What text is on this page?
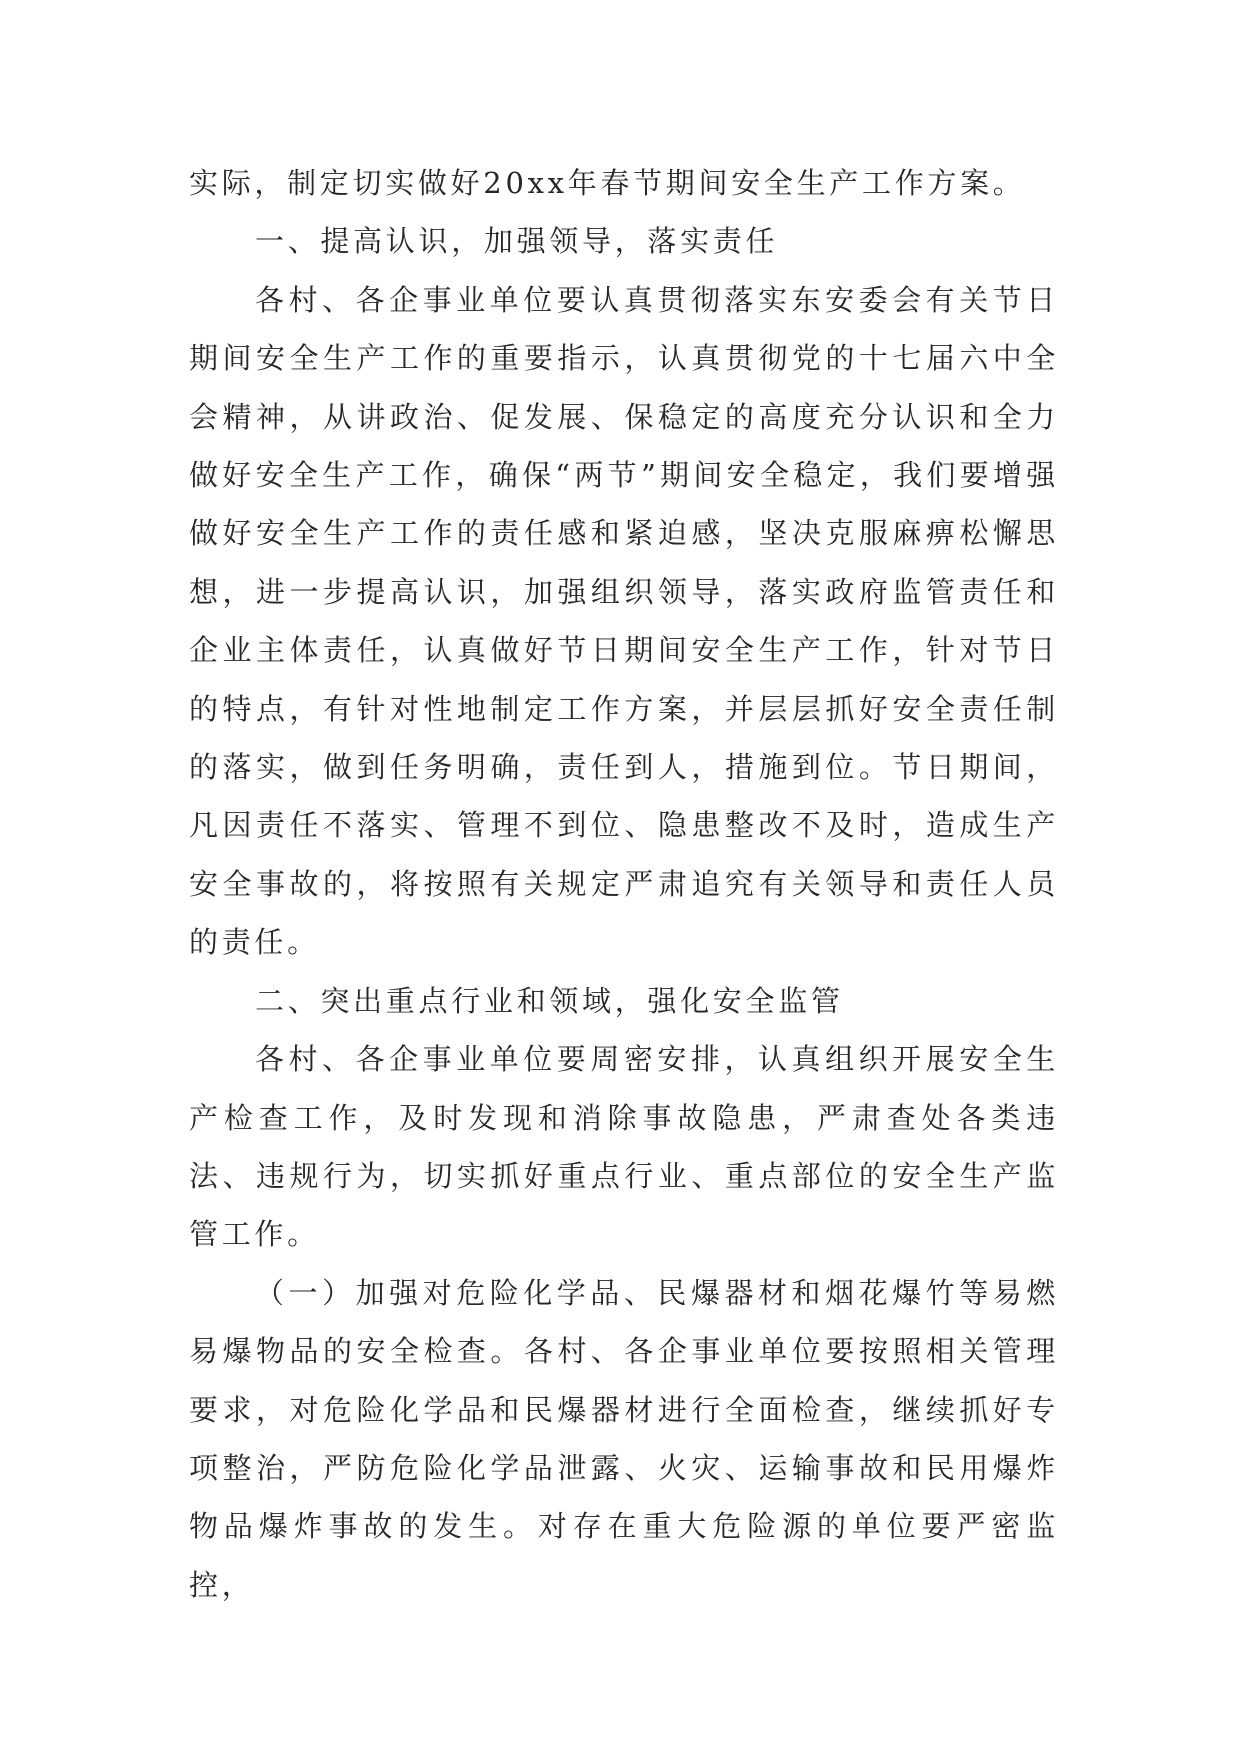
实际，制定切实做好20xx年春节期间安全生产工作方案。

一、提高认识，加强领导，落实责任

各村、各企事业单位要认真贯彻落实东安委会有关节日期间安全生产工作的重要指示，认真贯彻党的十七届六中全会精神，从讲政治、促发展、保稳定的高度充分认识和全力做好安全生产工作，确保“两节”期间安全稳定，我们要增强做好安全生产工作的责任感和紧迫感，坚决克服麻痹松懈思想，进一步提高认识，加强组织领导，落实政府监管责任和企业主体责任，认真做好节日期间安全生产工作，针对节日的特点，有针对性地制定工作方案，并层层抓好安全责任制的落实，做到任务明确，责任到人，措施到位。节日期间，凡因责任不落实、管理不到位、隐患整改不及时，造成生产安全事故的，将按照有关规定严肃追究有关领导和责任人员的责任。

二、突出重点行业和领域，强化安全监管

各村、各企事业单位要周密安排，认真组织开展安全生产检查工作，及时发现和消除事故隐患，严肃查处各类违法、违规行为，切实抓好重点行业、重点部位的安全生产监管工作。

（一）加强对危险化学品、民爆器材和烟花爆竹等易燃易爆物品的安全检查。各村、各企事业单位要按照相关管理要求，对危险化学品和民爆器材进行全面检查，继续抓好专项整治，严防危险化学品泄露、火灾、运输事故和民用爆炸物品爆炸事故的发生。对存在重大危险源的单位要严密监控，
